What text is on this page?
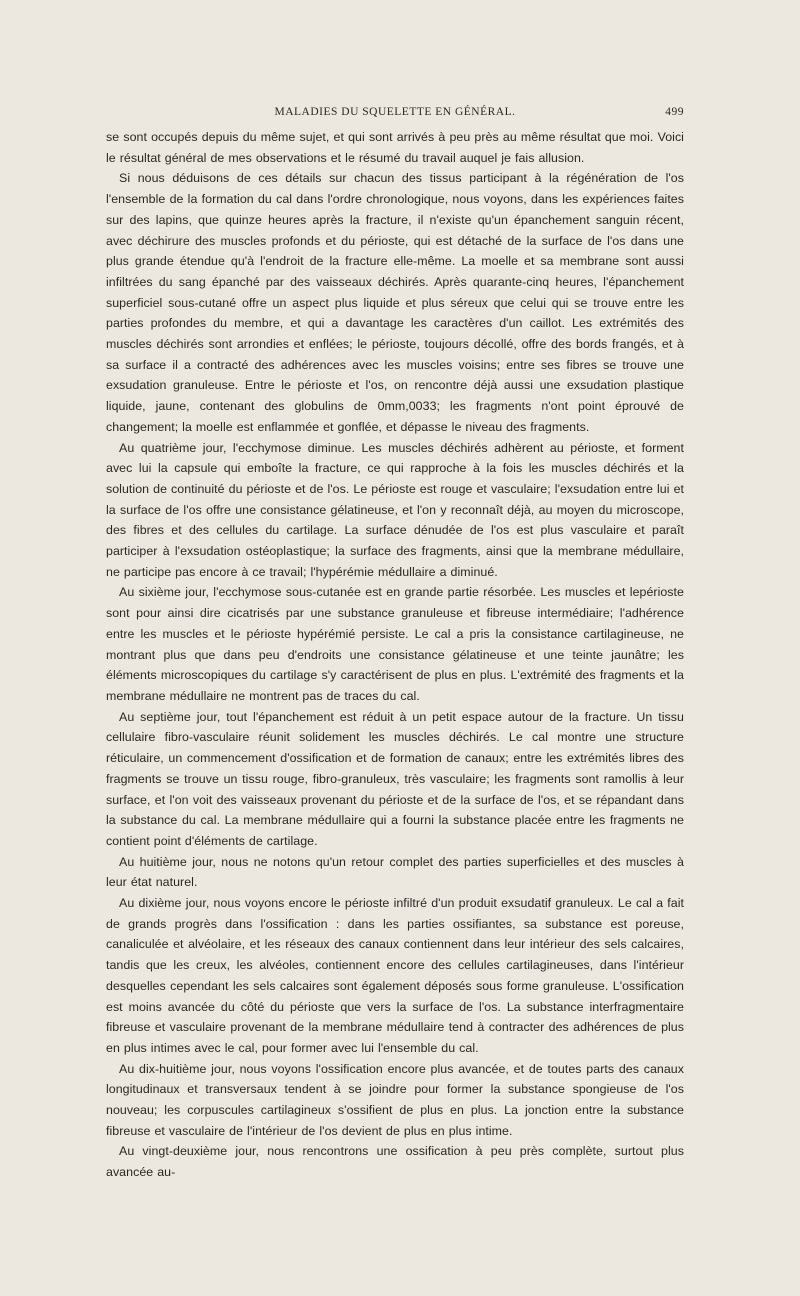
MALADIES DU SQUELETTE EN GÉNÉRAL.	499

se sont occupés depuis du même sujet, et qui sont arrivés à peu près au même résultat que moi. Voici le résultat général de mes observations et le résumé du travail auquel je fais allusion.

Si nous déduisons de ces détails sur chacun des tissus participant à la régénération de l'os l'ensemble de la formation du cal dans l'ordre chronologique, nous voyons, dans les expériences faites sur des lapins, que quinze heures après la fracture, il n'existe qu'un épanchement sanguin récent, avec déchirure des muscles profonds et du périoste, qui est détaché de la surface de l'os dans une plus grande étendue qu'à l'endroit de la fracture elle-même. La moelle et sa membrane sont aussi infiltrées du sang épanché par des vaisseaux déchirés. Après quarante-cinq heures, l'épanchement superficiel sous-cutané offre un aspect plus liquide et plus séreux que celui qui se trouve entre les parties profondes du membre, et qui a davantage les caractères d'un caillot. Les extrémités des muscles déchirés sont arrondies et enflées; le périoste, toujours décollé, offre des bords frangés, et à sa surface il a contracté des adhérences avec les muscles voisins; entre ses fibres se trouve une exsudation granuleuse. Entre le périoste et l'os, on rencontre déjà aussi une exsudation plastique liquide, jaune, contenant des globulins de 0mm,0033; les fragments n'ont point éprouvé de changement; la moelle est enflammée et gonflée, et dépasse le niveau des fragments.

Au quatrième jour, l'ecchymose diminue. Les muscles déchirés adhèrent au périoste, et forment avec lui la capsule qui emboîte la fracture, ce qui rapproche à la fois les muscles déchirés et la solution de continuité du périoste et de l'os. Le périoste est rouge et vasculaire; l'exsudation entre lui et la surface de l'os offre une consistance gélatineuse, et l'on y reconnaît déjà, au moyen du microscope, des fibres et des cellules du cartilage. La surface dénudée de l'os est plus vasculaire et paraît participer à l'exsudation ostéoplastique; la surface des fragments, ainsi que la membrane médullaire, ne participe pas encore à ce travail; l'hypérémie médullaire a diminué.

Au sixième jour, l'ecchymose sous-cutanée est en grande partie résorbée. Les muscles et lepérioste sont pour ainsi dire cicatrisés par une substance granuleuse et fibreuse intermédiaire; l'adhérence entre les muscles et le périoste hypérémié persiste. Le cal a pris la consistance cartilagineuse, ne montrant plus que dans peu d'endroits une consistance gélatineuse et une teinte jaunâtre; les éléments microscopiques du cartilage s'y caractérisent de plus en plus. L'extrémité des fragments et la membrane médullaire ne montrent pas de traces du cal.

Au septième jour, tout l'épanchement est réduit à un petit espace autour de la fracture. Un tissu cellulaire fibro-vasculaire réunit solidement les muscles déchirés. Le cal montre une structure réticulaire, un commencement d'ossification et de formation de canaux; entre les extrémités libres des fragments se trouve un tissu rouge, fibro-granuleux, très vasculaire; les fragments sont ramollis à leur surface, et l'on voit des vaisseaux provenant du périoste et de la surface de l'os, et se répandant dans la substance du cal. La membrane médullaire qui a fourni la substance placée entre les fragments ne contient point d'éléments de cartilage.

Au huitième jour, nous ne notons qu'un retour complet des parties superficielles et des muscles à leur état naturel.

Au dixième jour, nous voyons encore le périoste infiltré d'un produit exsudatif granuleux. Le cal a fait de grands progrès dans l'ossification : dans les parties ossifiantes, sa substance est poreuse, canaliculée et alvéolaire, et les réseaux des canaux contiennent dans leur intérieur des sels calcaires, tandis que les creux, les alvéoles, contiennent encore des cellules cartilagineuses, dans l'intérieur desquelles cependant les sels calcaires sont également déposés sous forme granuleuse. L'ossification est moins avancée du côté du périoste que vers la surface de l'os. La substance interfragmentaire fibreuse et vasculaire provenant de la membrane médullaire tend à contracter des adhérences de plus en plus intimes avec le cal, pour former avec lui l'ensemble du cal.

Au dix-huitième jour, nous voyons l'ossification encore plus avancée, et de toutes parts des canaux longitudinaux et transversaux tendent à se joindre pour former la substance spongieuse de l'os nouveau; les corpuscules cartilagineux s'ossifient de plus en plus. La jonction entre la substance fibreuse et vasculaire de l'intérieur de l'os devient de plus en plus intime.

Au vingt-deuxième jour, nous rencontrons une ossification à peu près complète, surtout plus avancée au-
